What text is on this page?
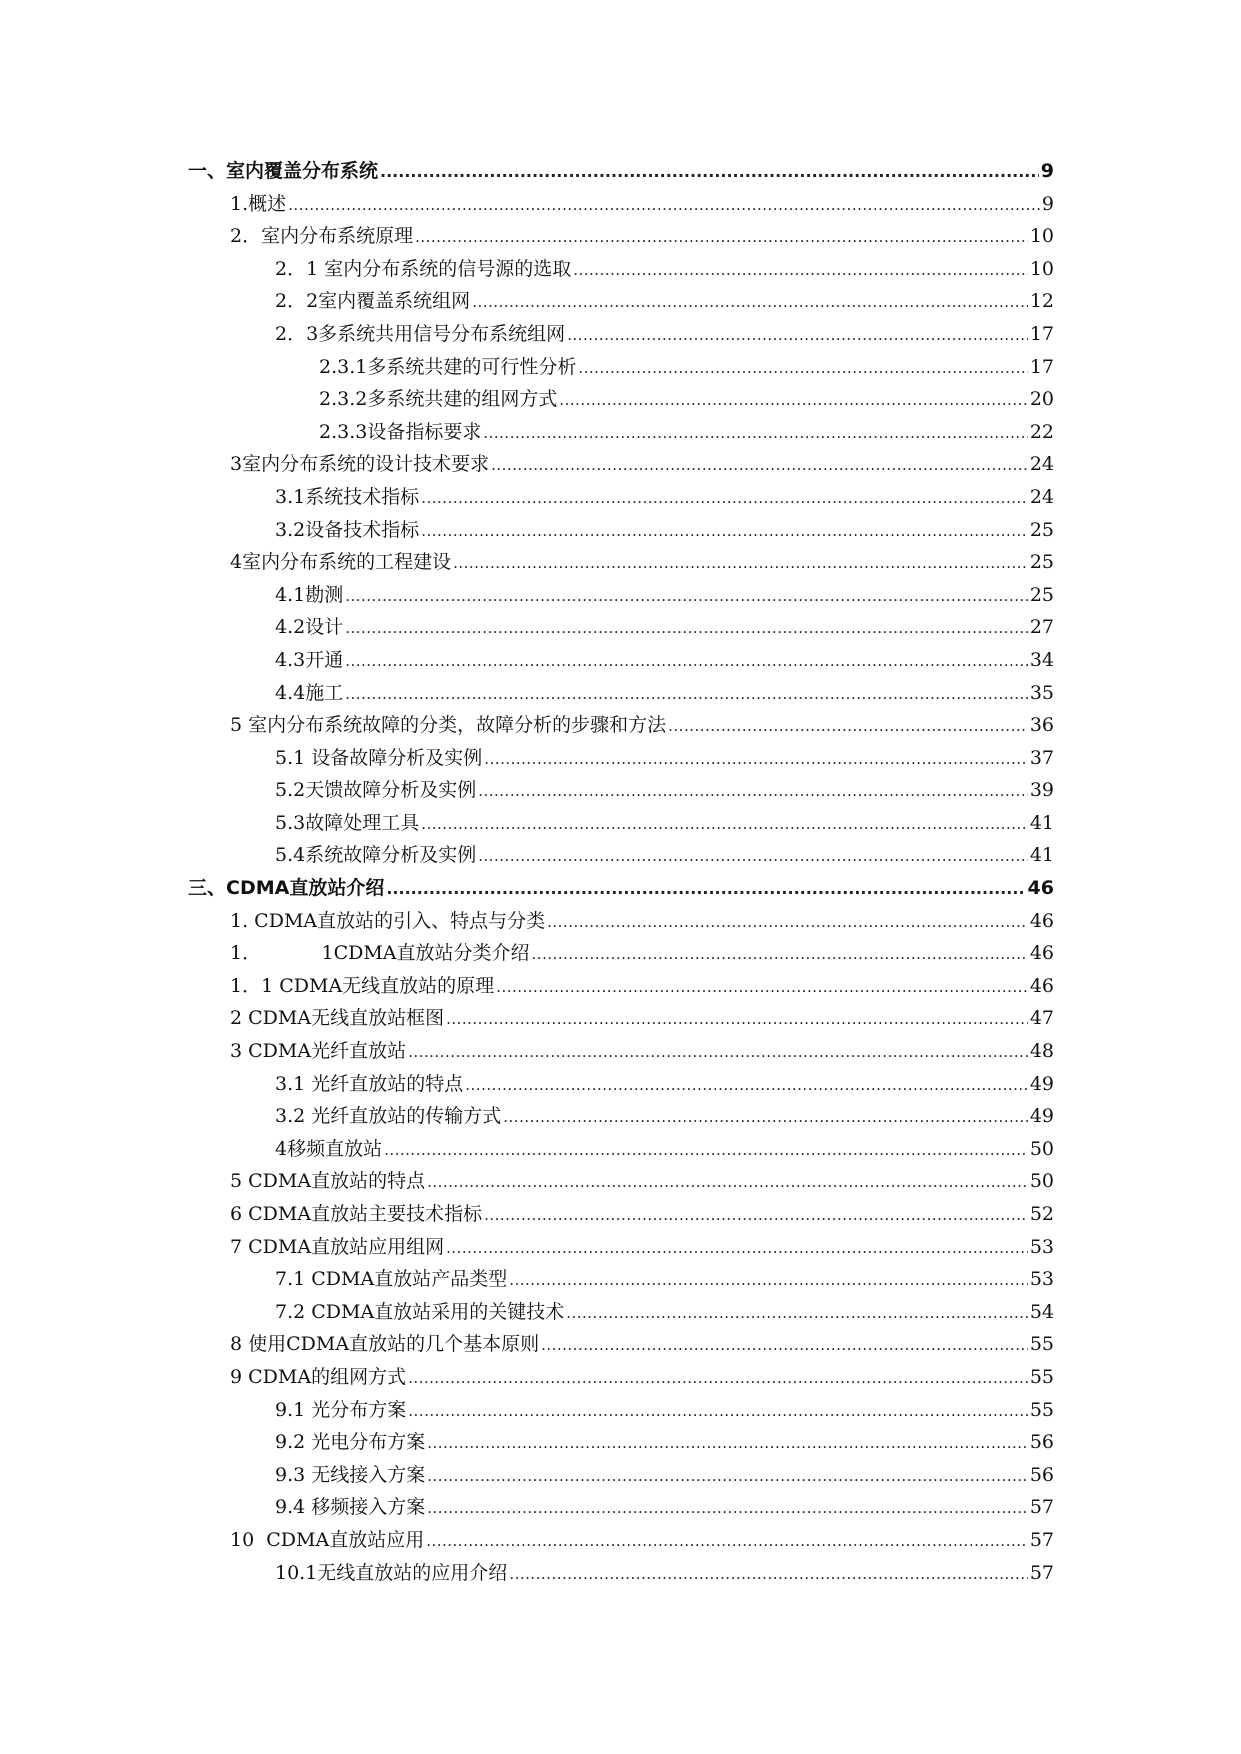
一、室内覆盖分布系统 .....	9
1.概述 .....	9
2．室内分布系统原理 .....	10
2．1 室内分布系统的信号源的选取 .....	10
2．2室内覆盖系统组网 .....	12
2．3多系统共用信号分布系统组网 .....	17
2.3.1多系统共建的可行性分析 .....	17
2.3.2多系统共建的组网方式 .....	20
2.3.3设备指标要求 .....	22
3室内分布系统的设计技术要求 .....	24
3.1系统技术指标 .....	24
3.2设备技术指标 .....	25
4室内分布系统的工程建设 .....	25
4.1勘测 .....	25
4.2设计 .....	27
4.3开通 .....	34
4.4施工 .....	35
5 室内分布系统故障的分类，故障分析的步骤和方法 .....	36
5.1 设备故障分析及实例 .....	37
5.2天馈故障分析及实例 .....	39
5.3故障处理工具 .....	41
5.4系统故障分析及实例 .....	41
三、CDMA直放站介绍 .....	46
1. CDMA直放站的引入、特点与分类 .....	46
1．          1CDMA直放站分类介绍 .....	46
1．1 CDMA无线直放站的原理 .....	46
2 CDMA无线直放站框图 .....	47
3 CDMA光纤直放站 .....	48
3.1 光纤直放站的特点 .....	49
3.2 光纤直放站的传输方式 .....	49
4移频直放站 .....	50
5 CDMA直放站的特点 .....	50
6 CDMA直放站主要技术指标 .....	52
7 CDMA直放站应用组网 .....	53
7.1 CDMA直放站产品类型 .....	53
7.2 CDMA直放站采用的关键技术 .....	54
8 使用CDMA直放站的几个基本原则 .....	55
9 CDMA的组网方式 .....	55
9.1 光分布方案 .....	55
9.2 光电分布方案 .....	56
9.3 无线接入方案 .....	56
9.4 移频接入方案 .....	57
10  CDMA直放站应用 .....	57
10.1无线直放站的应用介绍 .....	57
